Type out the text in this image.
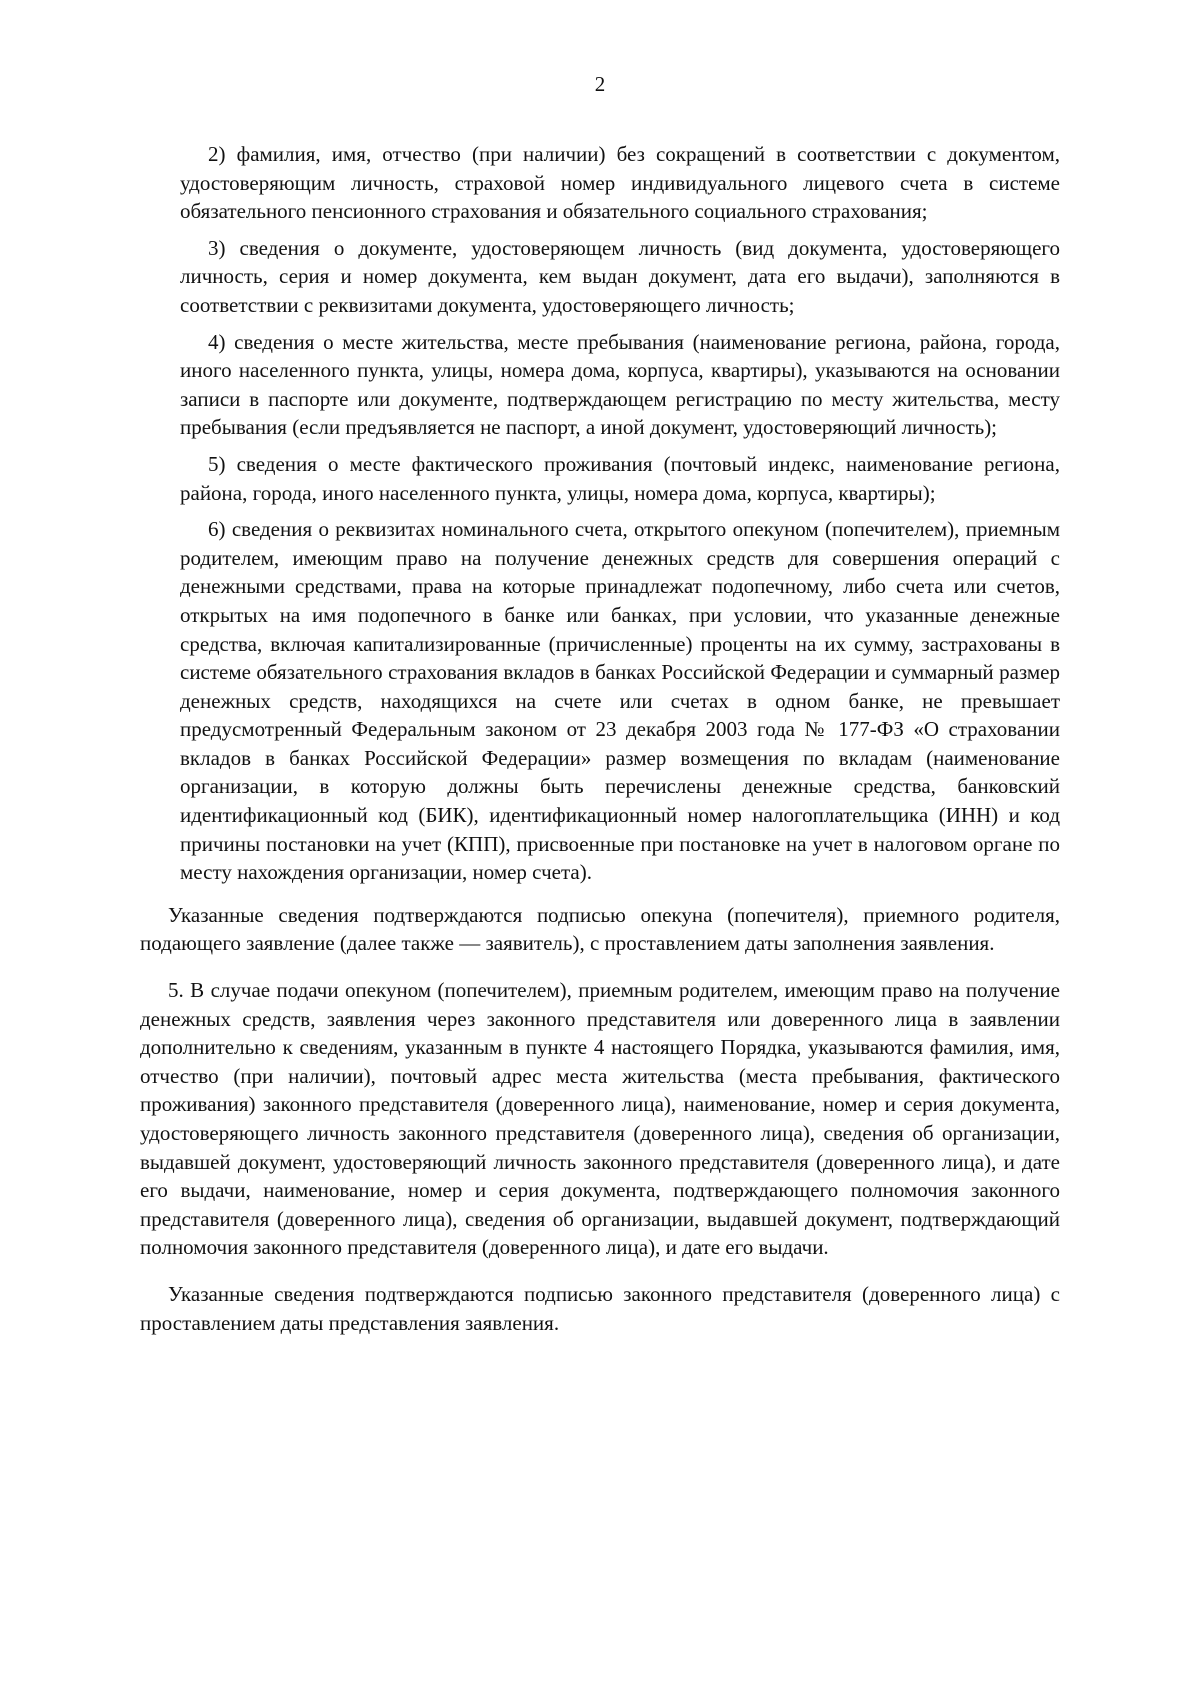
2

2) фамилия, имя, отчество (при наличии) без сокращений в соответствии с документом, удостоверяющим личность, страховой номер индивидуального лицевого счета в системе обязательного пенсионного страхования и обязательного социального страхования;

3) сведения о документе, удостоверяющем личность (вид документа, удостоверяющего личность, серия и номер документа, кем выдан документ, дата его выдачи), заполняются в соответствии с реквизитами документа, удостоверяющего личность;

4) сведения о месте жительства, месте пребывания (наименование региона, района, города, иного населенного пункта, улицы, номера дома, корпуса, квартиры), указываются на основании записи в паспорте или документе, подтверждающем регистрацию по месту жительства, месту пребывания (если предъявляется не паспорт, а иной документ, удостоверяющий личность);

5) сведения о месте фактического проживания (почтовый индекс, наименование региона, района, города, иного населенного пункта, улицы, номера дома, корпуса, квартиры);

6) сведения о реквизитах номинального счета, открытого опекуном (попечителем), приемным родителем, имеющим право на получение денежных средств для совершения операций с денежными средствами, права на которые принадлежат подопечному, либо счета или счетов, открытых на имя подопечного в банке или банках, при условии, что указанные денежные средства, включая капитализированные (причисленные) проценты на их сумму, застрахованы в системе обязательного страхования вкладов в банках Российской Федерации и суммарный размер денежных средств, находящихся на счете или счетах в одном банке, не превышает предусмотренный Федеральным законом от 23 декабря 2003 года № 177-ФЗ «О страховании вкладов в банках Российской Федерации» размер возмещения по вкладам (наименование организации, в которую должны быть перечислены денежные средства, банковский идентификационный код (БИК), идентификационный номер налогоплательщика (ИНН) и код причины постановки на учет (КПП), присвоенные при постановке на учет в налоговом органе по месту нахождения организации, номер счета).

Указанные сведения подтверждаются подписью опекуна (попечителя), приемного родителя, подающего заявление (далее также — заявитель), с проставлением даты заполнения заявления.

5. В случае подачи опекуном (попечителем), приемным родителем, имеющим право на получение денежных средств, заявления через законного представителя или доверенного лица в заявлении дополнительно к сведениям, указанным в пункте 4 настоящего Порядка, указываются фамилия, имя, отчество (при наличии), почтовый адрес места жительства (места пребывания, фактического проживания) законного представителя (доверенного лица), наименование, номер и серия документа, удостоверяющего личность законного представителя (доверенного лица), сведения об организации, выдавшей документ, удостоверяющий личность законного представителя (доверенного лица), и дате его выдачи, наименование, номер и серия документа, подтверждающего полномочия законного представителя (доверенного лица), сведения об организации, выдавшей документ, подтверждающий полномочия законного представителя (доверенного лица), и дате его выдачи.

Указанные сведения подтверждаются подписью законного представителя (доверенного лица) с проставлением даты представления заявления.
